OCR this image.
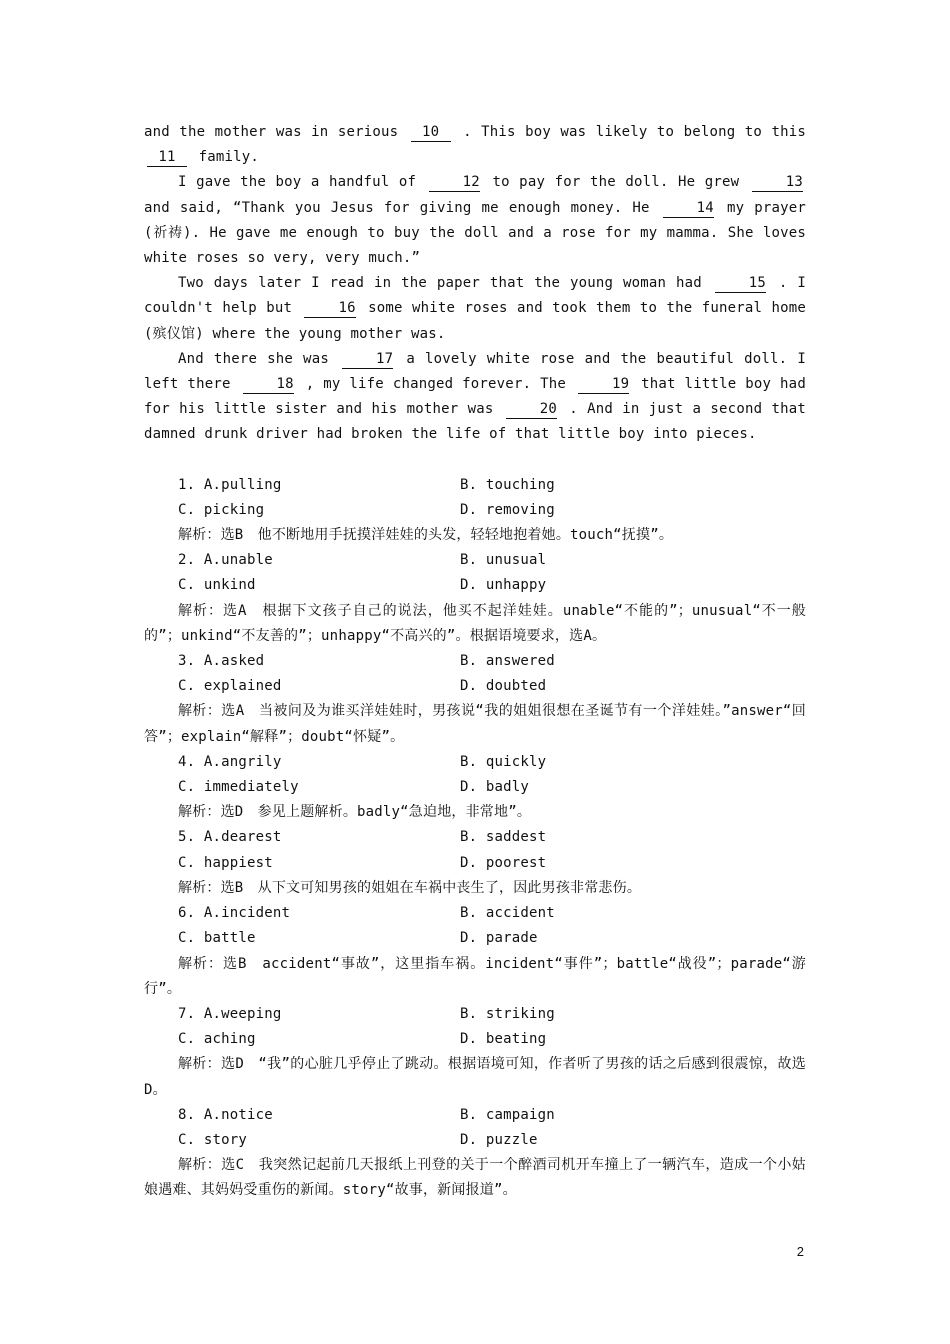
and the mother was in serious 10 . This boy was likely to belong to this 11 family.

I gave the boy a handful of	12 to pay for the doll. He grew	13 and said, “Thank you Jesus for giving me enough money. He	14 my prayer (祈祷). He gave me enough to buy the doll and a rose for my mamma. She loves white roses so very, very much.”

Two days later I read in the paper that the young woman had	15 . I couldn't help but	16 some white roses and took them to the funeral home (殡仪馆) where the young mother was.

And there she was	17 a lovely white rose and the beautiful doll. I left there	18 , my life changed forever. The	19 that little boy had for his little sister and his mother was	20 . And in just a second that damned drunk driver had broken the life of that little boy into pieces.

1. A.pulling	B. touching
C. picking	D. removing

解析：选B　他不断地用手抚摸洋娃娃的头发，轻轻地抱着她。touch“抚摸”。

2. A.unable	B. unusual
C. unkind	D. unhappy

解析：选A　根据下文孩子自己的说法，他买不起洋娃娃。unable“不能的”；unusual“不一般的”；unkind“不友善的”；unhappy“不高兴的”。根据语境要求，选A。

3. A.asked	B. answered
C. explained	D. doubted

解析：选A　当被问及为谁买洋娃娃时，男孩说“我的姐姐很想在圣诞节有一个洋娃娃。”answer“回答”；explain“解释”；doubt“怀疑”。

4. A.angrily	B. quickly
C. immediately	D. badly

解析：选D　参见上题解析。badly“急迫地，非常地”。

5. A.dearest	B. saddest
C. happiest	D. poorest

解析：选B　从下文可知男孩的姐姐在车祸中丧生了，因此男孩非常悲伤。

6. A.incident	B. accident
C. battle	D. parade

解析：选B　accident“事故”，这里指车祸。incident“事件”；battle“战役”；parade“游行”。

7. A.weeping	B. striking
C. aching	D. beating

解析：选D　“我”的心脏几乎停止了跳动。根据语境可知，作者听了男孩的话之后感到很震惊，故选D。

8. A.notice	B. campaign
C. story	D. puzzle

解析：选C　我突然记起前几天报纸上刊登的关于一个醉酒司机开车撞上了一辆汽车，造成一个小姑娘遇难、其妈妈受重伤的新闻。story“故事，新闻报道”。

2
